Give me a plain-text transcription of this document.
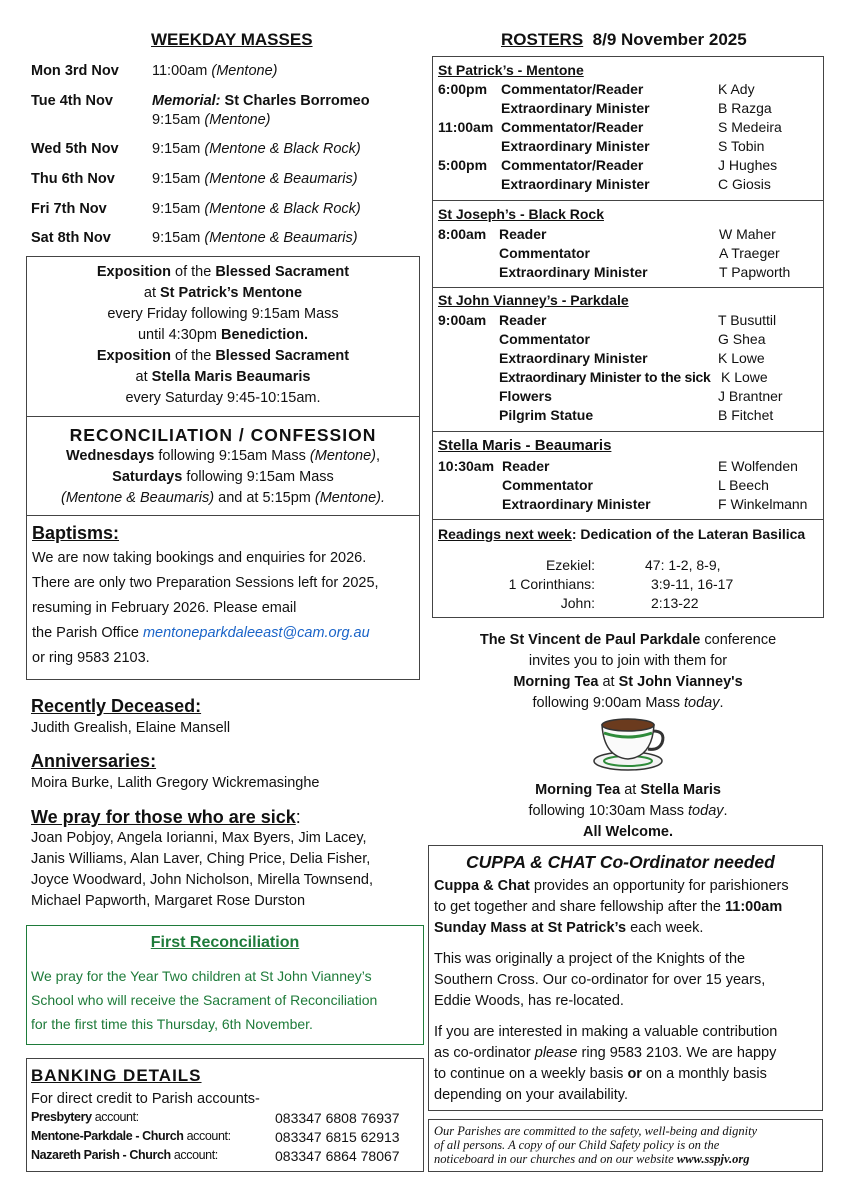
WEEKDAY MASSES
Mon 3rd Nov 11:00am (Mentone)
Tue 4th Nov	Memorial: St Charles Borromeo
9:15am (Mentone)
Wed 5th Nov 9:15am (Mentone & Black Rock)
Thu 6th Nov	9:15am (Mentone & Beaumaris)
Fri 7th Nov	9:15am (Mentone & Black Rock)
Sat 8th Nov	9:15am (Mentone & Beaumaris)
Exposition of the Blessed Sacrament
at St Patrick’s Mentone
every Friday following 9:15am Mass
until 4:30pm Benediction.
Exposition of the Blessed Sacrament
at Stella Maris Beaumaris
every Saturday 9:45-10:15am.
RECONCILIATION / CONFESSION
Wednesdays following 9:15am Mass (Mentone),
Saturdays following 9:15am Mass
(Mentone & Beaumaris) and at 5:15pm (Mentone).
Baptisms:
We are now taking bookings and enquiries for 2026.
There are only two Preparation Sessions left for 2025,
resuming in February 2026. Please email
the Parish Office mentoneparkdaleeast@cam.org.au
or ring 9583 2103.
Recently Deceased:
Judith Grealish, Elaine Mansell
Anniversaries:
Moira Burke, Lalith Gregory Wickremasinghe
We pray for those who are sick:
Joan Pobjoy, Angela Iorianni, Max Byers, Jim Lacey,
Janis Williams, Alan Laver, Ching Price, Delia Fisher,
Joyce Woodward, John Nicholson, Mirella Townsend,
Michael Papworth, Margaret Rose Durston
First Reconciliation
We pray for the Year Two children at St John Vianney’s
School who will receive the Sacrament of Reconciliation
for the first time this Thursday, 6th November.
BANKING DETAILS
For direct credit to Parish accounts-
Presbytery account:	083347 6808 76937
Mentone-Parkdale - Church account:	083347 6815 62913
Nazareth Parish - Church account:	083347 6864 78067
ROSTERS 8/9 November 2025
St Patrick’s - Mentone
6:00pm Commentator/Reader	K Ady
Extraordinary Minister	B Razga
11:00am Commentator/Reader	S Medeira
Extraordinary Minister	S Tobin
5:00pm Commentator/Reader	J Hughes
Extraordinary Minister	C Giosis
St Joseph’s - Black Rock
8:00am Reader	W Maher
Commentator	A Traeger
Extraordinary Minister	T Papworth
St John Vianney’s - Parkdale
9:00am Reader	T Busuttil
Commentator	G Shea
Extraordinary Minister	K Lowe
Extraordinary Minister to the sick K Lowe
Flowers	J Brantner
Pilgrim Statue	B Fitchet
Stella Maris - Beaumaris
10:30am Reader	E Wolfenden
Commentator	L Beech
Extraordinary Minister	F Winkelmann
Readings next week: Dedication of the Lateran Basilica
Ezekiel:	47: 1-2, 8-9,
1 Corinthians:	3:9-11, 16-17
John:	2:13-22
The St Vincent de Paul Parkdale conference
invites you to join with them for
Morning Tea at St John Vianney's
following 9:00am Mass today.
Morning Tea at Stella Maris
following 10:30am Mass today.
All Welcome.
CUPPA & CHAT Co-Ordinator needed
Cuppa & Chat provides an opportunity for parishioners
to get together and share fellowship after the 11:00am
Sunday Mass at St Patrick’s each week.
This was originally a project of the Knights of the
Southern Cross. Our co-ordinator for over 15 years,
Eddie Woods, has re-located.
If you are interested in making a valuable contribution
as co-ordinator please ring 9583 2103. We are happy
to continue on a weekly basis or on a monthly basis
depending on your availability.
Our Parishes are committed to the safety, well-being and dignity
of all persons. A copy of our Child Safety policy is on the
noticeboard in our churches and on our website www.sspjv.org
